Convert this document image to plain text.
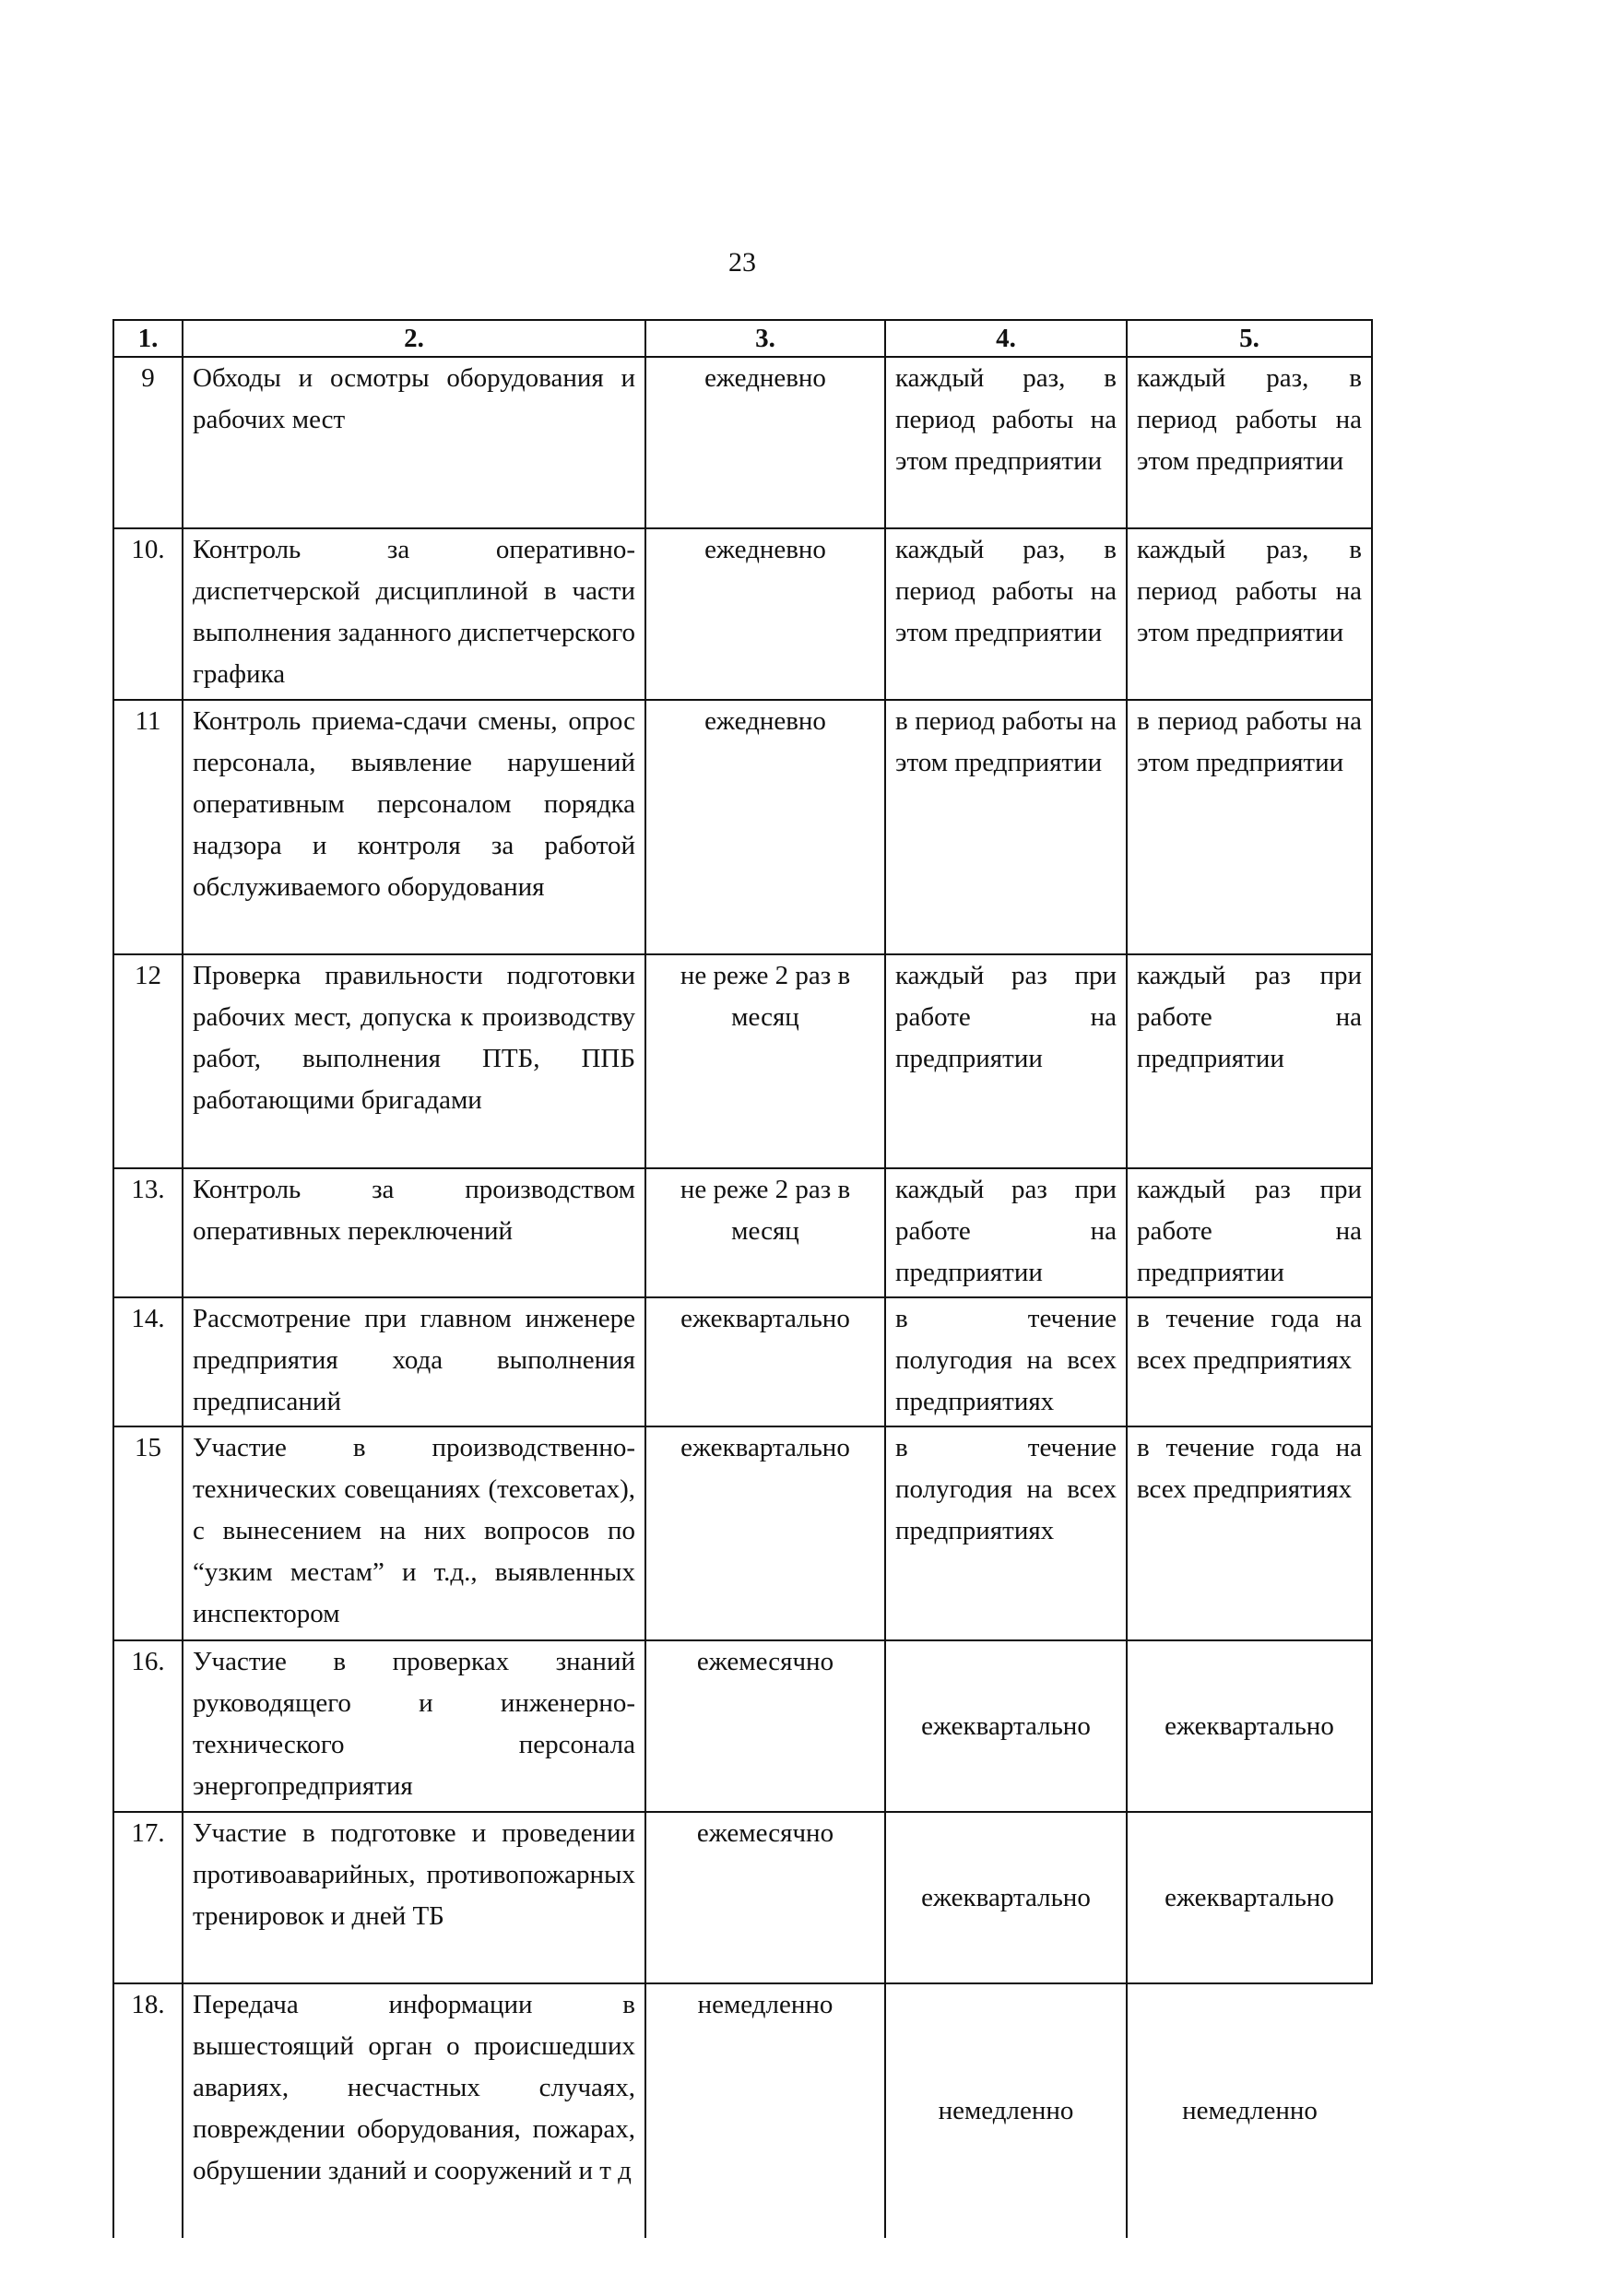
23
1.	2.	3.	4.	5.
9	Обходы и осмотры оборудования и рабочих мест	ежедневно	каждый раз, в период работы на этом предприятии	каждый раз, в период работы на этом предприятии
10.	Контроль за оперативно-диспетчерской дисциплиной в части выполнения заданного диспетчерского графика	ежедневно	каждый раз, в период работы на этом предприятии	каждый раз, в период работы на этом предприятии
11	Контроль приема-сдачи смены, опрос персонала, выявление нарушений оперативным персоналом порядка надзора и контроля за работой обслуживаемого оборудования	ежедневно	в период работы на этом предприятии	в период работы на этом предприятии
12	Проверка правильности подготовки рабочих мест, допуска к производству работ, выполнения ПТБ, ППБ работающими бригадами	не реже 2 раз в месяц	каждый раз при работе на предприятии	каждый раз при работе на предприятии
13.	Контроль за производством оперативных переключений	не реже 2 раз в месяц	каждый раз при работе на предприятии	каждый раз при работе на предприятии
14.	Рассмотрение при главном инженере предприятия хода выполнения предписаний	ежеквартально	в течение полугодия на всех предприятиях	в течение года на всех предприятиях
15	Участие в производственно-технических совещаниях (техсоветах), с вынесением на них вопросов по “узким местам” и т.д., выявленных инспектором	ежеквартально	в течение полугодия на всех предприятиях	в течение года на всех предприятиях
16.	Участие в проверках знаний руководящего и инженерно-технического персонала энергопредприятия	ежемесячно	ежеквартально	ежеквартально
17.	Участие в подготовке и проведении противоаварийных, противопожарных тренировок и дней ТБ	ежемесячно	ежеквартально	ежеквартально
18.	Передача информации в вышестоящий орган о происшедших авариях, несчастных случаях, повреждении оборудования, пожарах, обрушении зданий и сооружений и т д	немедленно	немедленно	немедленно
